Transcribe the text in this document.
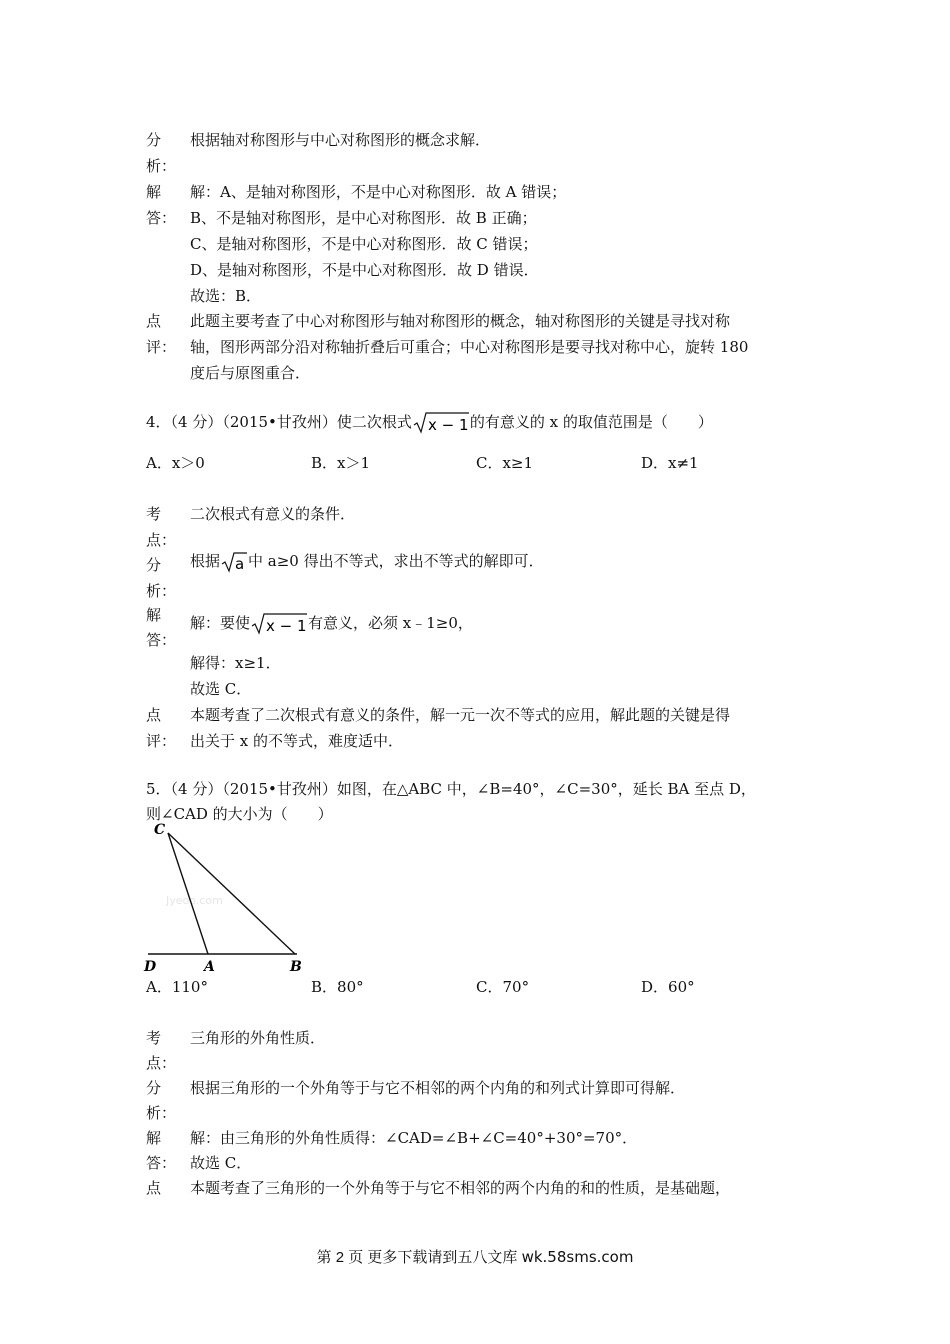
分
析：
根据轴对称图形与中心对称图形的概念求解．
解
答：
解：A、是轴对称图形，不是中心对称图形．故 A 错误；
B、不是轴对称图形，是中心对称图形．故 B 正确；
C、是轴对称图形，不是中心对称图形．故 C 错误；
D、是轴对称图形，不是中心对称图形．故 D 错误．
故选：B．
点
评：
此题主要考查了中心对称图形与轴对称图形的概念，轴对称图形的关键是寻找对称
轴，图形两部分沿对称轴折叠后可重合；中心对称图形是要寻找对称中心，旋转 180
度后与原图重合．
4．（4 分）（2015•甘孜州）使二次根式 x − 1 的有意义的 x 的取值范围是（　　）
A．x＞0	B．x＞1	C．x≥1	D．x≠1
考
点：
二次根式有意义的条件．
分
析：
根据 a 中 a≥0 得出不等式，求出不等式的解即可．
解
答：
解：要使 x − 1 有意义，必须 x﹣1≥0，
解得：x≥1．
故选 C．
点
评：
本题考查了二次根式有意义的条件，解一元一次不等式的应用，解此题的关键是得
出关于 x 的不等式，难度适中．
5．（4 分）（2015•甘孜州）如图，在△ABC 中，∠B=40°，∠C=30°，延长 BA 至点 D，
则∠CAD 的大小为（　　）
Jyeoo.com
C
D	A	B
A．110°	B．80°	C．70°	D．60°
考
点：
三角形的外角性质．
分
析：
根据三角形的一个外角等于与它不相邻的两个内角的和列式计算即可得解．
解
答：
解：由三角形的外角性质得：∠CAD=∠B+∠C=40°+30°=70°．
故选 C．
点	本题考查了三角形的一个外角等于与它不相邻的两个内角的和的性质，是基础题，
第 2 页 更多下载请到五八文库 wk.58sms.com
